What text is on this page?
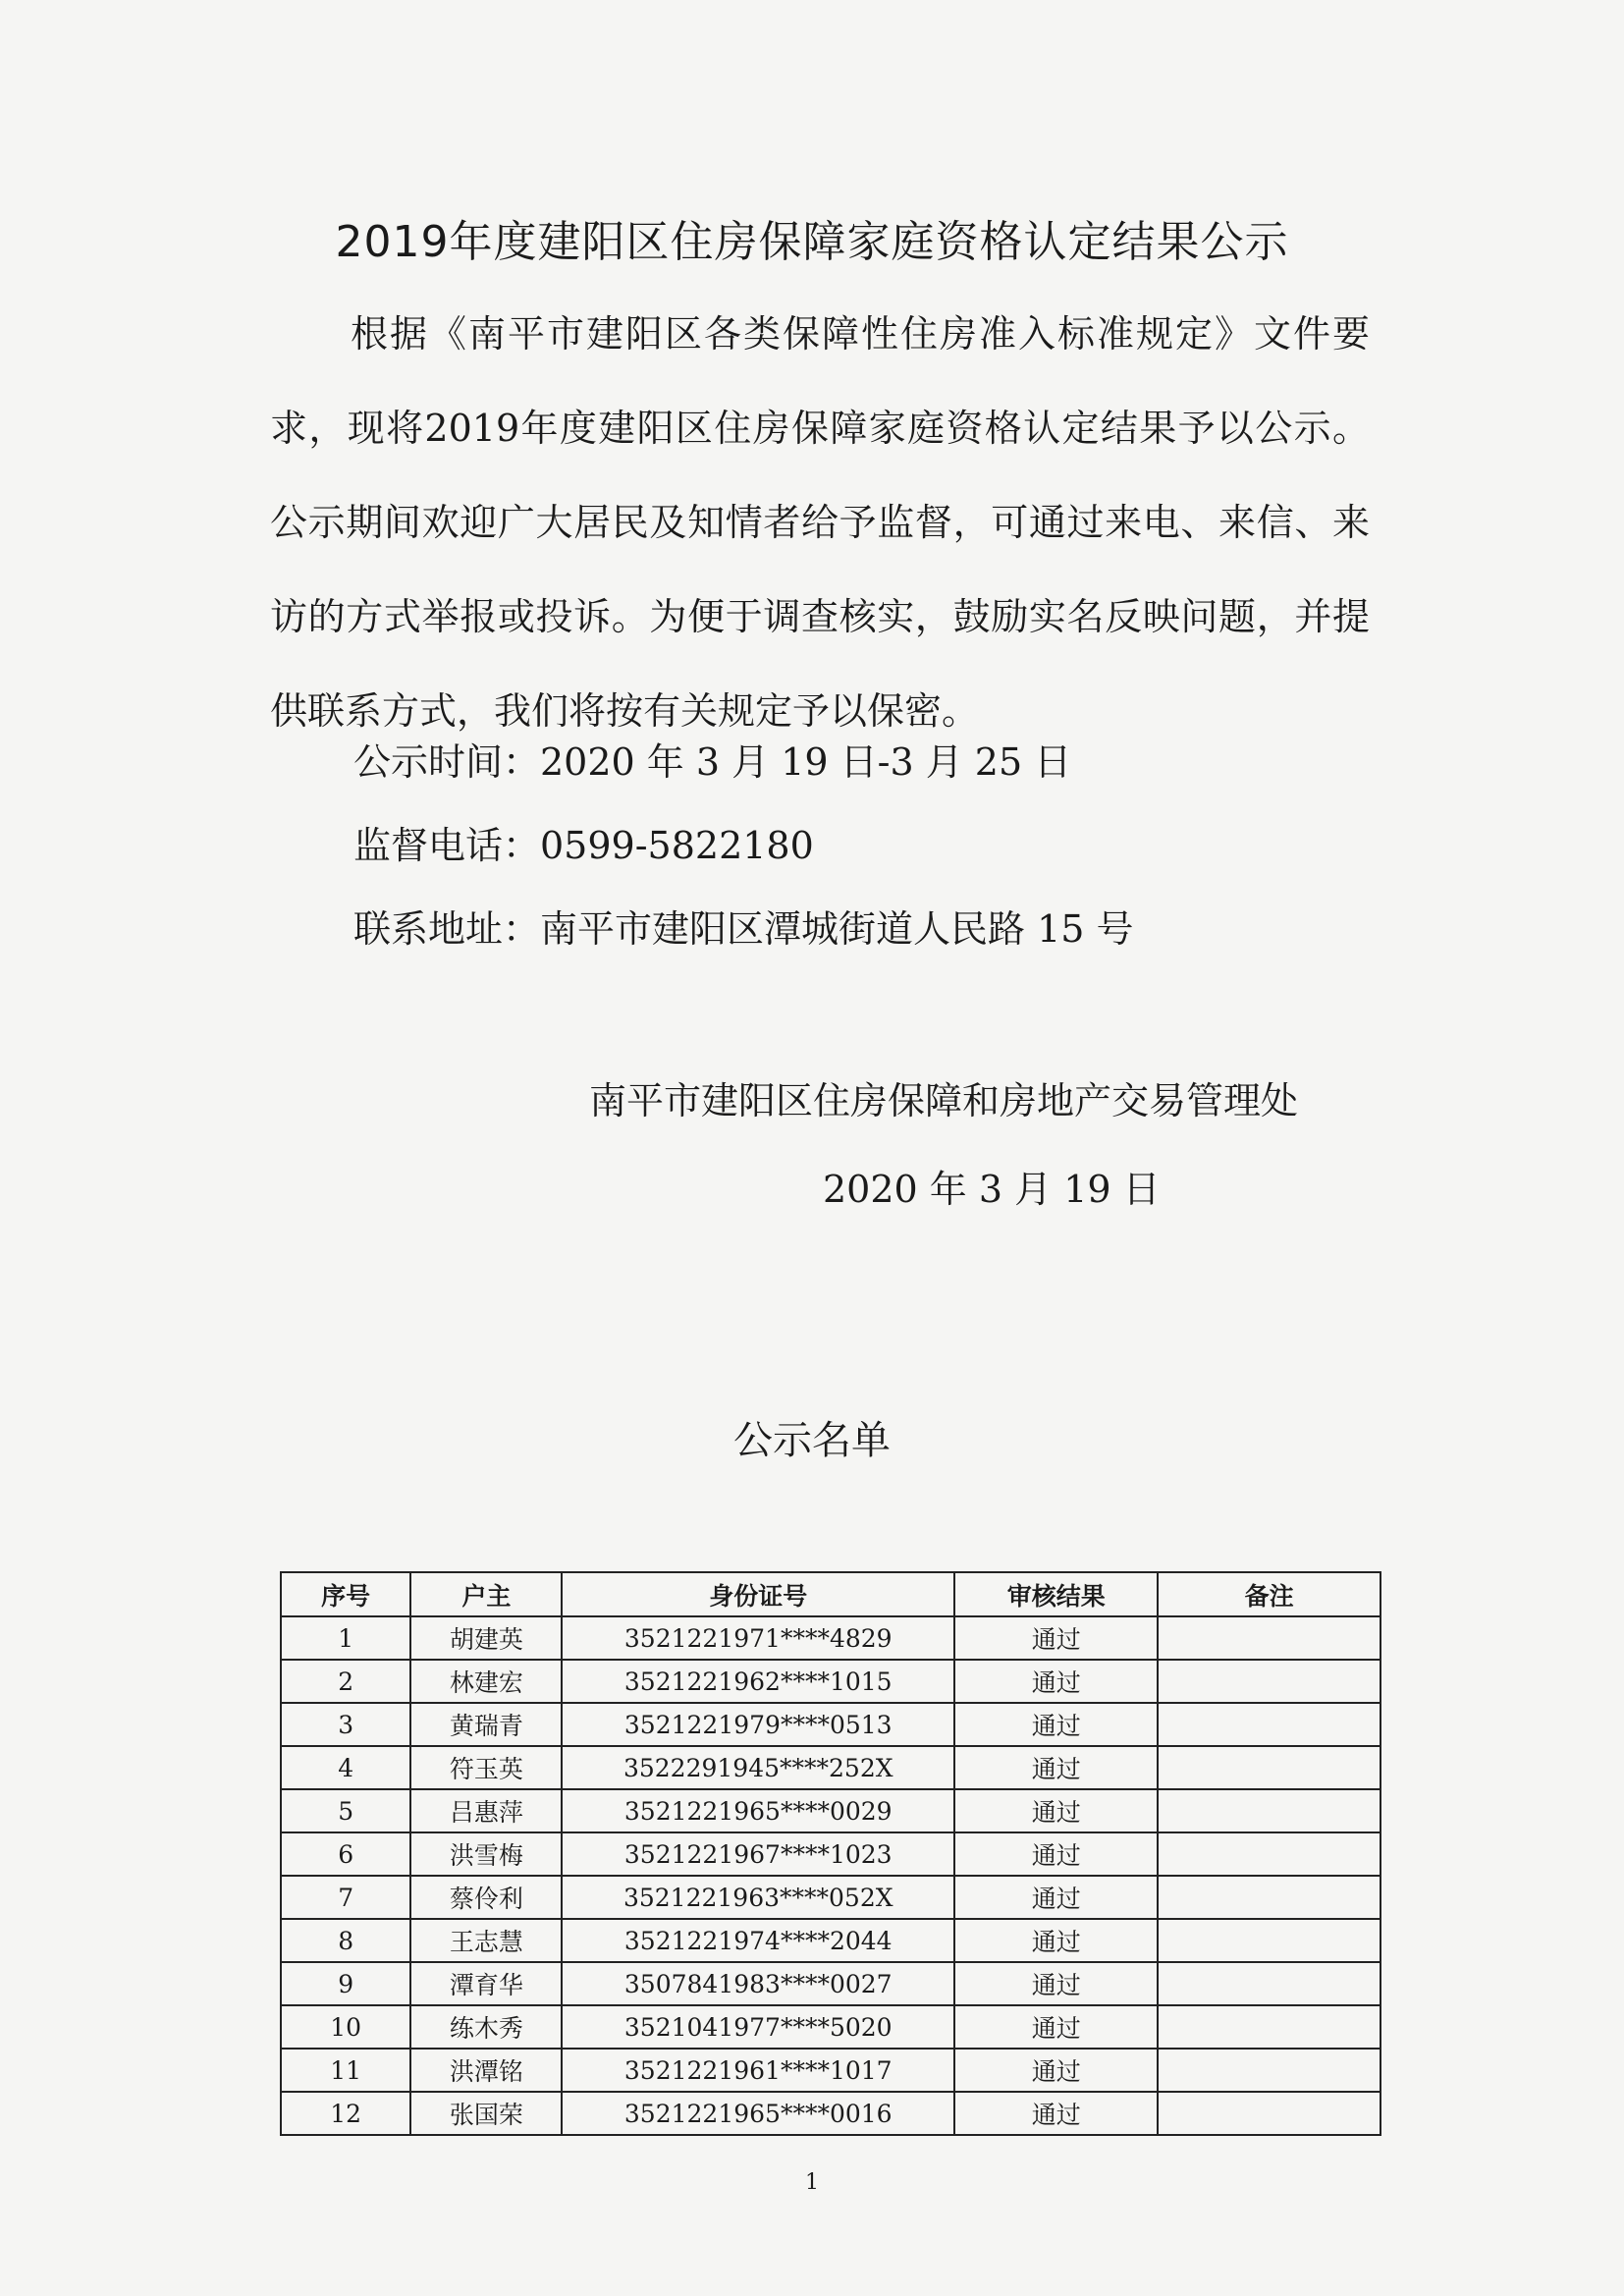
2019年度建阳区住房保障家庭资格认定结果公示
根据《南平市建阳区各类保障性住房准入标准规定》文件要求，现将2019年度建阳区住房保障家庭资格认定结果予以公示。公示期间欢迎广大居民及知情者给予监督，可通过来电、来信、来访的方式举报或投诉。为便于调查核实，鼓励实名反映问题，并提供联系方式，我们将按有关规定予以保密。
公示时间：2020 年 3 月 19 日-3 月 25 日
监督电话：0599-5822180
联系地址：南平市建阳区潭城街道人民路 15 号
南平市建阳区住房保障和房地产交易管理处
2020 年 3 月 19 日
公示名单
序号	户主	身份证号	审核结果	备注
1	胡建英	3521221971****4829	通过	
2	林建宏	3521221962****1015	通过	
3	黄瑞青	3521221979****0513	通过	
4	符玉英	3522291945****252X	通过	
5	吕惠萍	3521221965****0029	通过	
6	洪雪梅	3521221967****1023	通过	
7	蔡伶利	3521221963****052X	通过	
8	王志慧	3521221974****2044	通过	
9	潭育华	3507841983****0027	通过	
10	练木秀	3521041977****5020	通过	
11	洪潭铭	3521221961****1017	通过	
12	张国荣	3521221965****0016	通过	
1
